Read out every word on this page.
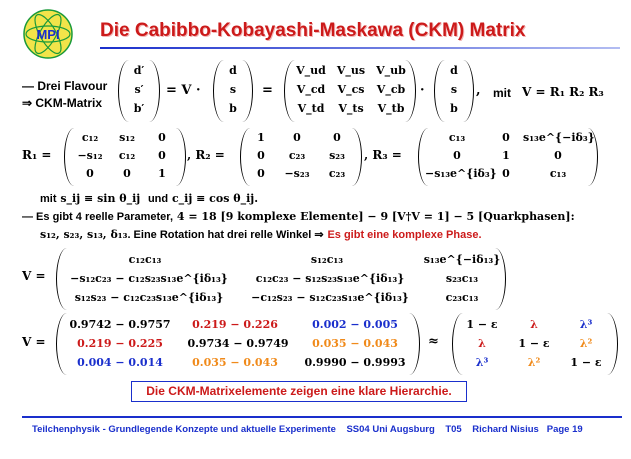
MPI Die Cabibbo-Kobayashi-Maskawa (CKM) Matrix
— Drei Flavour
⇒ CKM-Matrix
d′
s′
b′
= V ·
d
s
b
=
V_ud	V_us	V_ub
V_cd	V_cs	V_cb
V_td	V_ts	V_tb
·
d
s
b
, mit V = R₁ R₂ R₃
R₁ =
c₁₂	s₁₂	0
−s₁₂	c₁₂	0
0	0	1
, R₂ =
1	0	0
0	c₂₃	s₂₃
0	−s₂₃	c₂₃
, R₃ =
c₁₃	0	s₁₃e^{−iδ₃}
0	1	0
−s₁₃e^{iδ₃} 0	c₁₃
mit s_ij ≡ sin θ_ij und c_ij ≡ cos θ_ij.
— Es gibt 4 reelle Parameter, 4 = 18 [9 komplexe Elemente] − 9 [V†V = 1] − 5 [Quarkphasen]:
s₁₂, s₂₃, s₁₃, δ₁₃. Eine Rotation hat drei relle Winkel ⇒ Es gibt eine komplexe Phase.
V =
c₁₂c₁₃	s₁₂c₁₃	s₁₃e^{−iδ₁₃}
−s₁₂c₂₃ − c₁₂s₂₃s₁₃e^{iδ₁₃}	c₁₂c₂₃ − s₁₂s₂₃s₁₃e^{iδ₁₃}	s₂₃c₁₃
s₁₂s₂₃ − c₁₂c₂₃s₁₃e^{iδ₁₃}	−c₁₂s₂₃ − s₁₂c₂₃s₁₃e^{iδ₁₃}	c₂₃c₁₃
V =
0.9742 − 0.9757	0.219 − 0.226	0.002 − 0.005
0.219 − 0.225	0.9734 − 0.9749	0.035 − 0.043
0.004 − 0.014	0.035 − 0.043	0.9990 − 0.9993
≈
1 − ε	λ	λ³
λ	1 − ε	λ²
λ³	λ²	1 − ε
Die CKM-Matrixelemente zeigen eine klare Hierarchie.
Teilchenphysik - Grundlegende Konzepte und aktuelle Experimente SS04 Uni Augsburg T05 Richard Nisius Page 19
